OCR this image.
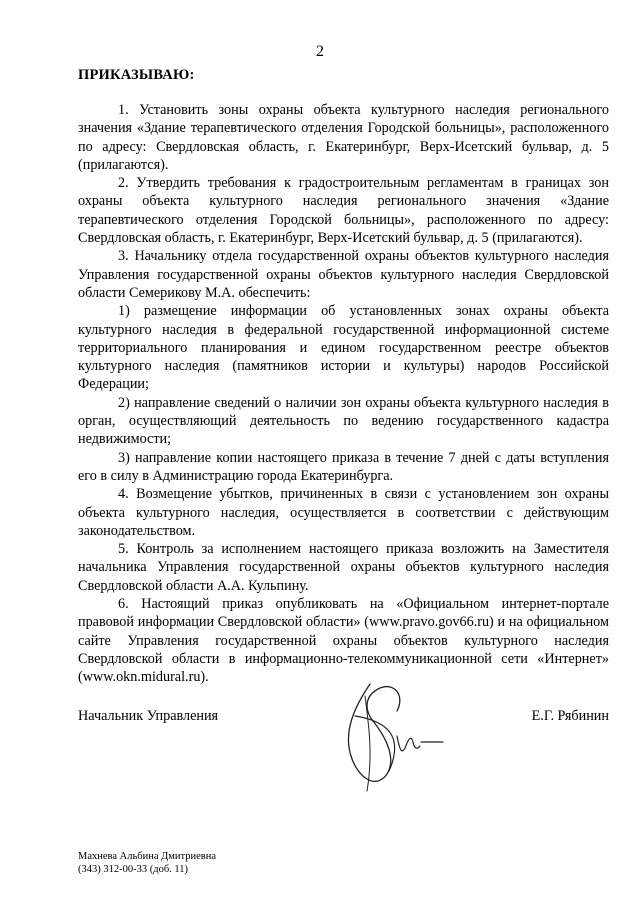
2
ПРИКАЗЫВАЮ:

1. Установить зоны охраны объекта культурного наследия регионального значения «Здание терапевтического отделения Городской больницы», расположенного по адресу: Свердловская область, г. Екатеринбург, Верх-Исетский бульвар, д. 5 (прилагаются).

2. Утвердить требования к градостроительным регламентам в границах зон охраны объекта культурного наследия регионального значения «Здание терапевтического отделения Городской больницы», расположенного по адресу: Свердловская область, г. Екатеринбург, Верх-Исетский бульвар, д. 5 (прилагаются).

3. Начальнику отдела государственной охраны объектов культурного наследия Управления государственной охраны объектов культурного наследия Свердловской области Семерикову М.А. обеспечить:

1) размещение информации об установленных зонах охраны объекта культурного наследия в федеральной государственной информационной системе территориального планирования и едином государственном реестре объектов культурного наследия (памятников истории и культуры) народов Российской Федерации;

2) направление сведений о наличии зон охраны объекта культурного наследия в орган, осуществляющий деятельность по ведению государственного кадастра недвижимости;

3) направление копии настоящего приказа в течение 7 дней с даты вступления его в силу в Администрацию города Екатеринбурга.

4. Возмещение убытков, причиненных в связи с установлением зон охраны объекта культурного наследия, осуществляется в соответствии с действующим законодательством.

5. Контроль за исполнением настоящего приказа возложить на Заместителя начальника Управления государственной охраны объектов культурного наследия Свердловской области А.А. Кульпину.

6. Настоящий приказ опубликовать на «Официальном интернет-портале правовой информации Свердловской области» (www.pravo.gov66.ru) и на официальном сайте Управления государственной охраны объектов культурного наследия Свердловской области в информационно-телекоммуникационной сети «Интернет» (www.okn.midural.ru).

Начальник Управления	Е.Г. Рябинин
Махнева Альбина Дмитриевна
(343) 312-00-33 (доб. 11)
